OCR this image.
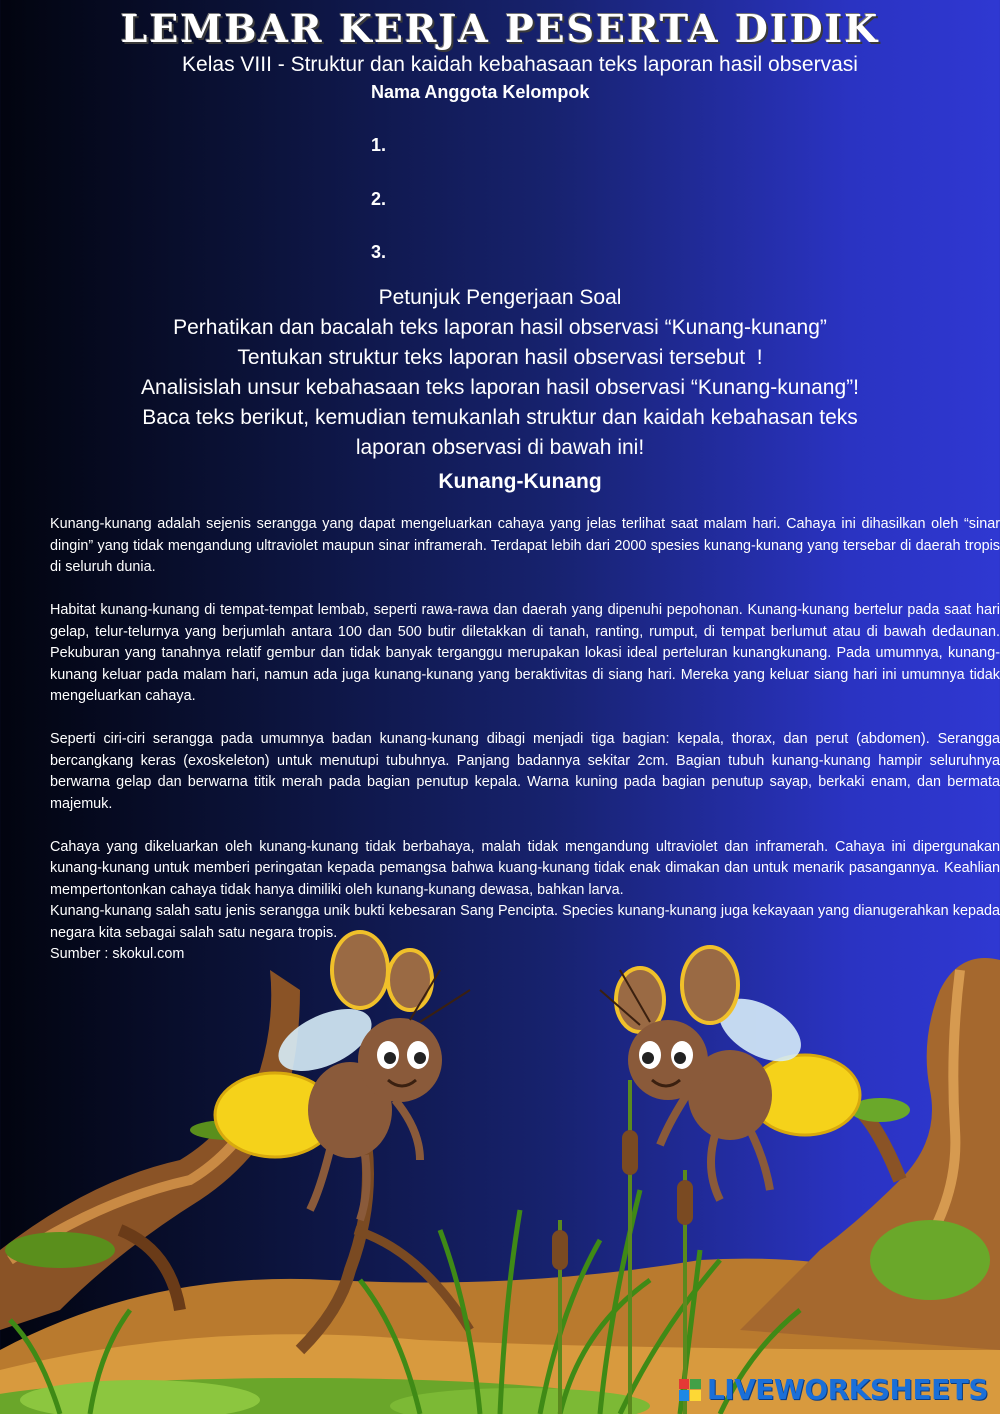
LEMBAR KERJA PESERTA DIDIK
Kelas VIII - Struktur dan kaidah kebahasaan teks laporan hasil observasi
Nama Anggota Kelompok
1.
2.
3.
Petunjuk Pengerjaan Soal
Perhatikan dan bacalah teks laporan hasil observasi “Kunang-kunang”
Tentukan struktur teks laporan hasil observasi tersebut  !
Analisislah unsur kebahasaan teks laporan hasil observasi “Kunang-kunang”!
Baca teks berikut, kemudian temukanlah struktur dan kaidah kebahasan teks
laporan observasi di bawah ini!
Kunang-Kunang

Kunang-kunang adalah sejenis serangga yang dapat mengeluarkan cahaya yang jelas terlihat saat malam hari. Cahaya ini dihasilkan oleh “sinar dingin” yang tidak mengandung ultraviolet maupun sinar inframerah. Terdapat lebih dari 2000 spesies kunang-kunang yang tersebar di daerah tropis di seluruh dunia.

Habitat kunang-kunang di tempat-tempat lembab, seperti rawa-rawa dan daerah yang dipenuhi pepohonan. Kunang-kunang bertelur pada saat hari gelap, telur-telurnya yang berjumlah antara 100 dan 500 butir diletakkan di tanah, ranting, rumput, di tempat berlumut atau di bawah dedaunan. Pekuburan yang tanahnya relatif gembur dan tidak banyak terganggu merupakan lokasi ideal perteluran kunangkunang. Pada umumnya, kunang-kunang keluar pada malam hari, namun ada juga kunang-kunang yang beraktivitas di siang hari. Mereka yang keluar siang hari ini umumnya tidak mengeluarkan cahaya.

Seperti ciri-ciri serangga pada umumnya badan kunang-kunang dibagi menjadi tiga bagian: kepala, thorax, dan perut (abdomen). Serangga bercangkang keras (exoskeleton) untuk menutupi tubuhnya. Panjang badannya sekitar 2cm. Bagian tubuh kunang-kunang hampir seluruhnya berwarna gelap dan berwarna titik merah pada bagian penutup kepala. Warna kuning pada bagian penutup sayap, berkaki enam, dan bermata majemuk.

Cahaya yang dikeluarkan oleh kunang-kunang tidak berbahaya, malah tidak mengandung ultraviolet dan inframerah. Cahaya ini dipergunakan kunang-kunang untuk memberi peringatan kepada pemangsa bahwa kuang-kunang tidak enak dimakan dan untuk menarik pasangannya. Keahlian mempertontonkan cahaya tidak hanya dimiliki oleh kunang-kunang dewasa, bahkan larva.

Kunang-kunang salah satu jenis serangga unik bukti kebesaran Sang Pencipta. Species kunang-kunang juga kekayaan yang dianugerahkan kepada negara kita sebagai salah satu negara tropis.

Sumber : skokul.com

LIVEWORKSHEETS
